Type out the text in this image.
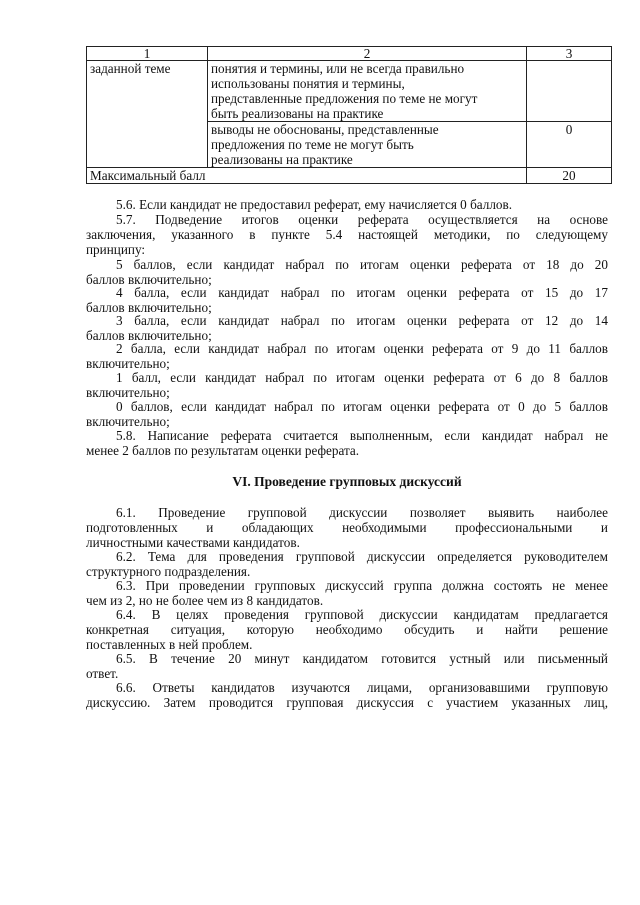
1	2	3
заданной теме	понятия и термины, или не всегда правильно
использованы понятия и термины,
представленные предложения по теме не могут
быть реализованы на практике	

	выводы не обоснованы, представленные
предложения по теме не могут быть
реализованы на практике	0
Максимальный балл		20
5.6. Если кандидат не предоставил реферат, ему начисляется 0 баллов.
5.7. Подведение итогов оценки реферата осуществляется на основе
заключения, указанного в пункте 5.4 настоящей методики, по следующему
принципу:
5 баллов, если кандидат набрал по итогам оценки реферата от 18 до 20
баллов включительно;
4 балла, если кандидат набрал по итогам оценки реферата от 15 до 17
баллов включительно;
3 балла, если кандидат набрал по итогам оценки реферата от 12 до 14
баллов включительно;
2 балла, если кандидат набрал по итогам оценки реферата от 9 до 11 баллов
включительно;
1 балл, если кандидат набрал по итогам оценки реферата от 6 до 8 баллов
включительно;
0 баллов, если кандидат набрал по итогам оценки реферата от 0 до 5 баллов
включительно;
5.8. Написание реферата считается выполненным, если кандидат набрал не
менее 2 баллов по результатам оценки реферата.
VI. Проведение групповых дискуссий
6.1. Проведение групповой дискуссии позволяет выявить наиболее
подготовленных и обладающих необходимыми профессиональными и
личностными качествами кандидатов.
6.2. Тема для проведения групповой дискуссии определяется руководителем
структурного подразделения.
6.3. При проведении групповых дискуссий группа должна состоять не менее
чем из 2, но не более чем из 8 кандидатов.
6.4. В целях проведения групповой дискуссии кандидатам предлагается
конкретная ситуация, которую необходимо обсудить и найти решение
поставленных в ней проблем.
6.5. В течение 20 минут кандидатом готовится устный или письменный
ответ.
6.6. Ответы кандидатов изучаются лицами, организовавшими групповую
дискуссию. Затем проводится групповая дискуссия с участием указанных лиц,
